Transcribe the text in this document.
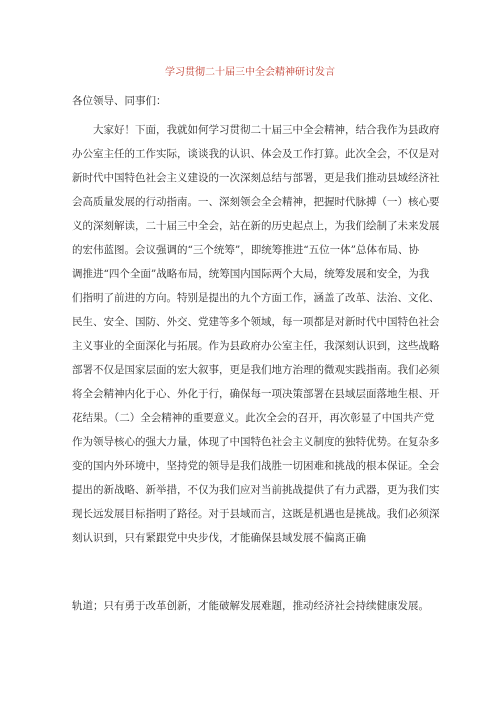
学习贯彻二十届三中全会精神研讨发言
各位领导、同事们：
大家好！下面，我就如何学习贯彻二十届三中全会精神，结合我作为县政府
办公室主任的工作实际，谈谈我的认识、体会及工作打算。此次全会，不仅是对
新时代中国特色社会主义建设的一次深刻总结与部署，更是我们推动县域经济社
会高质量发展的行动指南。一、深刻领会全会精神，把握时代脉搏（一）核心要
义的深刻解读，二十届三中全会，站在新的历史起点上，为我们绘制了未来发展
的宏伟蓝图。会议强调的“三个统筹”，即统筹推进“五位一体”总体布局、协
调推进“四个全面”战略布局，统筹国内国际两个大局，统筹发展和安全，为我
们指明了前进的方向。特别是提出的九个方面工作，涵盖了改革、法治、文化、
民生、安全、国防、外交、党建等多个领域，每一项都是对新时代中国特色社会
主义事业的全面深化与拓展。作为县政府办公室主任，我深刻认识到，这些战略
部署不仅是国家层面的宏大叙事，更是我们地方治理的微观实践指南。我们必须
将全会精神内化于心、外化于行，确保每一项决策部署在县域层面落地生根、开
花结果。（二）全会精神的重要意义。此次全会的召开，再次彰显了中国共产党
作为领导核心的强大力量，体现了中国特色社会主义制度的独特优势。在复杂多
变的国内外环境中，坚持党的领导是我们战胜一切困难和挑战的根本保证。全会
提出的新战略、新举措，不仅为我们应对当前挑战提供了有力武器，更为我们实
现长远发展目标指明了路径。对于县域而言，这既是机遇也是挑战。我们必须深
刻认识到，只有紧跟党中央步伐，才能确保县域发展不偏离正确
轨道；只有勇于改革创新，才能破解发展难题，推动经济社会持续健康发展。
